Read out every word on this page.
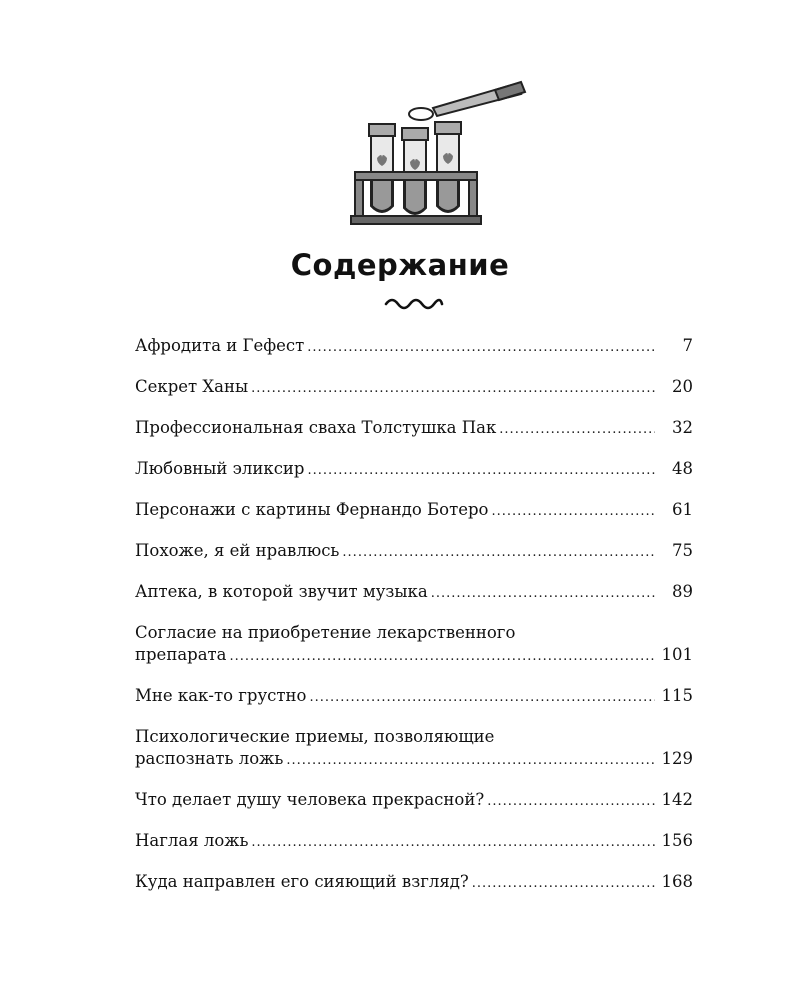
Содержание
Афродита и Гефест .....	7
Секрет Ханы .....	20
Профессиональная сваха Толстушка Пак .....	32
Любовный эликсир .....	48
Персонажи с картины Фернандо Ботеро .....	61
Похоже, я ей нравлюсь .....	75
Аптека, в которой звучит музыка .....	89
Согласие на приобретение лекарственного
препарата .....	101
Мне как-то грустно .....	115
Психологические приемы, позволяющие
распознать ложь .....	129
Что делает душу человека прекрасной? .....	142
Наглая ложь .....	156
Куда направлен его сияющий взгляд? .....	168
